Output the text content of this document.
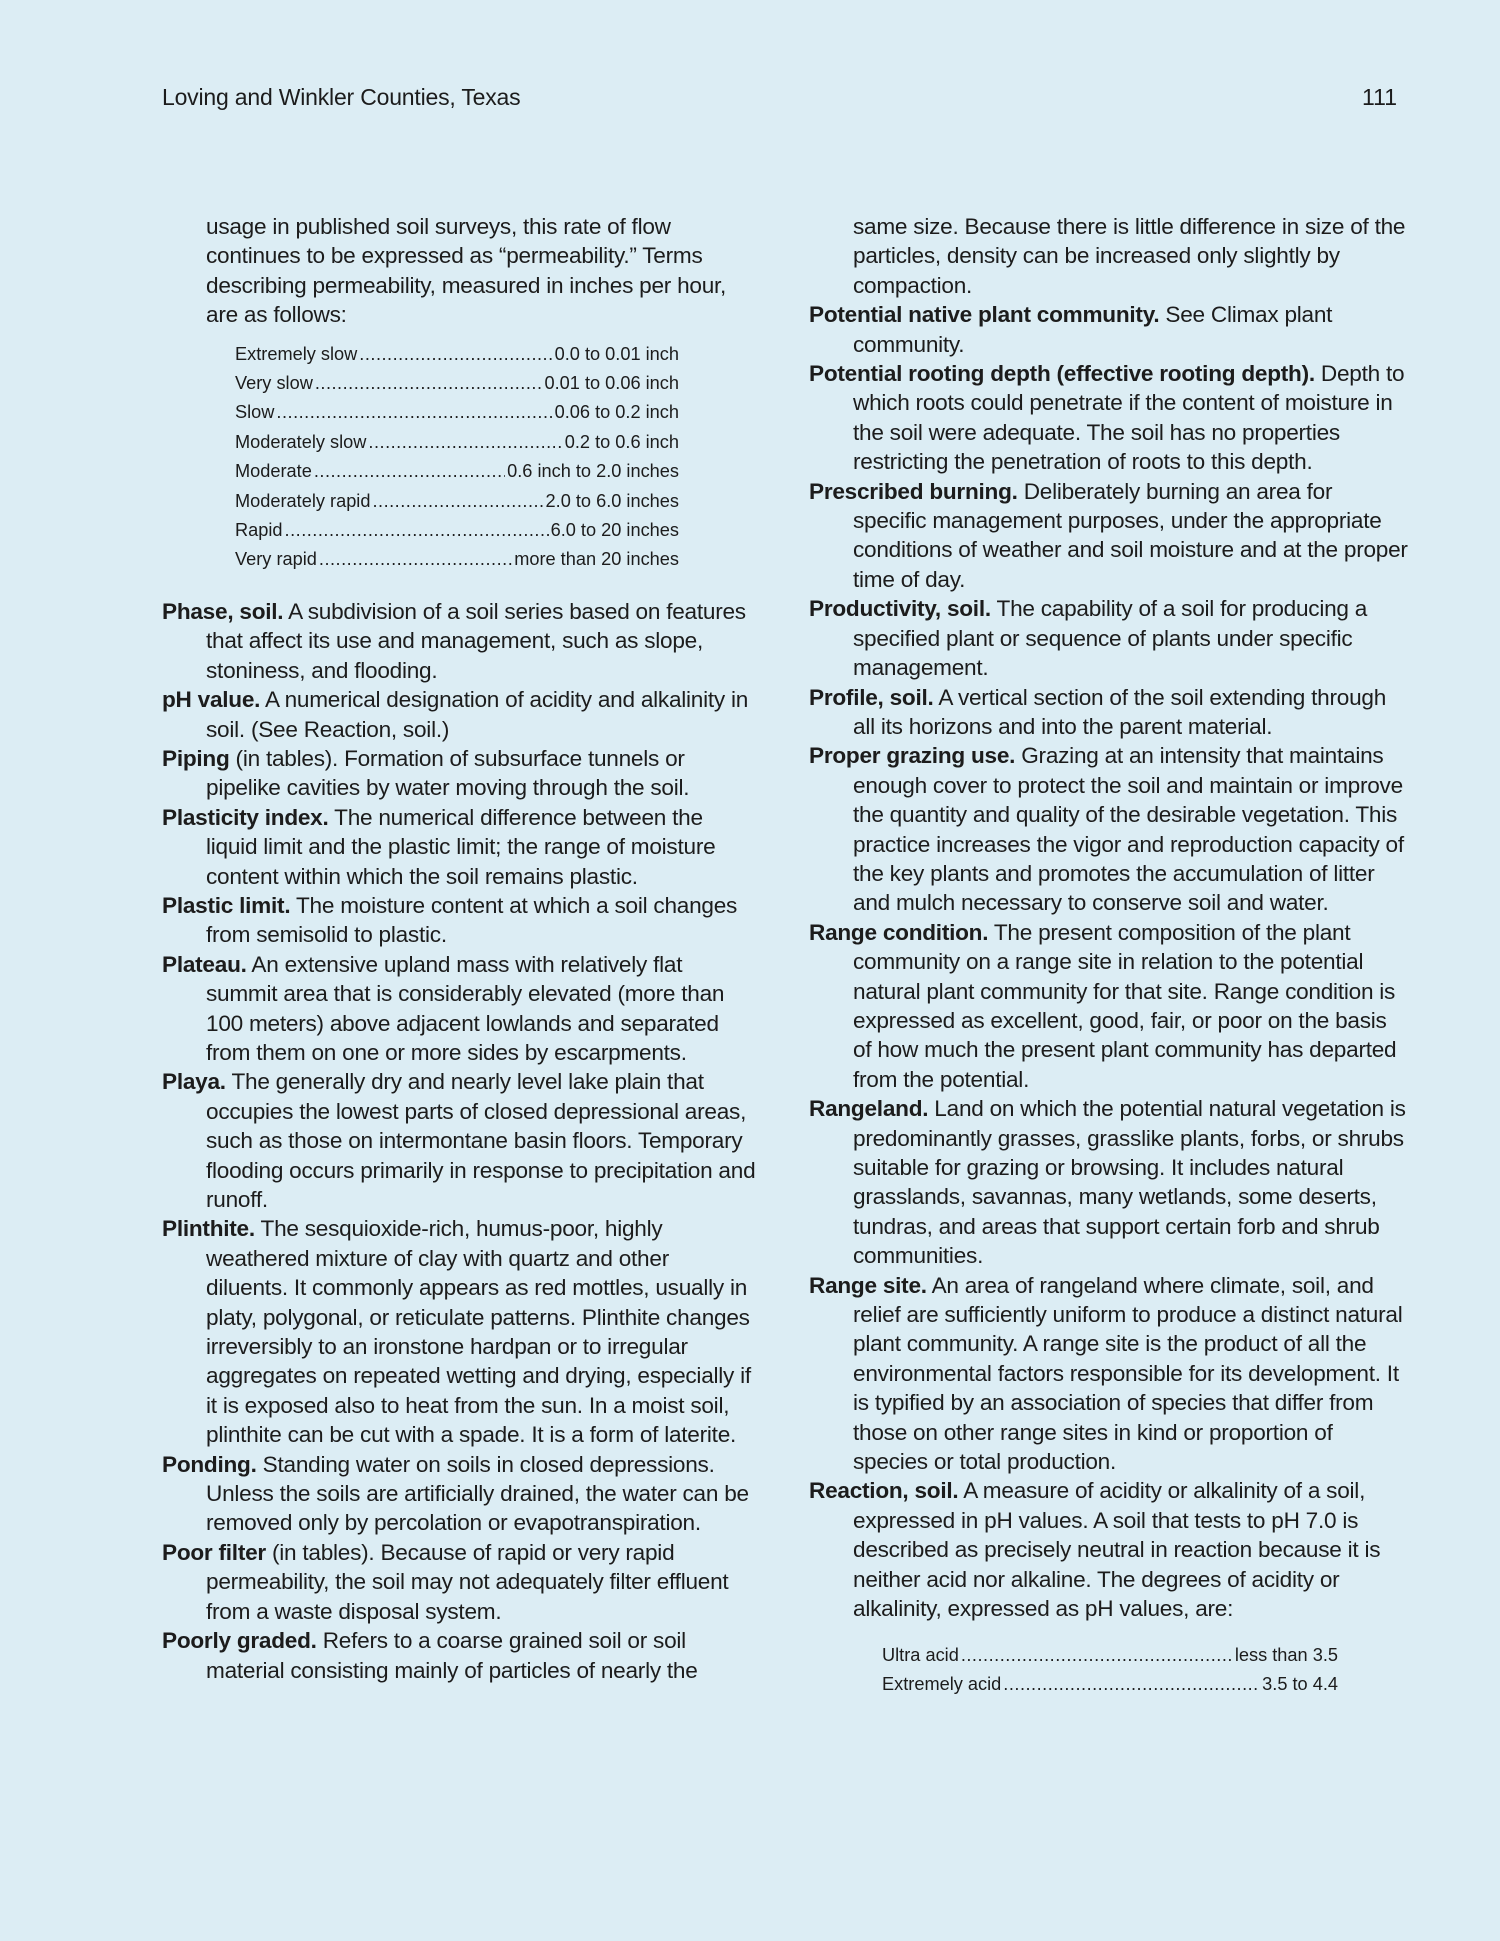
Loving and Winkler Counties, Texas	111

usage in published soil surveys, this rate of flow continues to be expressed as “permeability.” Terms describing permeability, measured in inches per hour, are as follows:

Extremely slow .....	0.0 to 0.01 inch
Very slow .....	0.01 to 0.06 inch
Slow .....	0.06 to 0.2 inch
Moderately slow .....	0.2 to 0.6 inch
Moderate .....	0.6 inch to 2.0 inches
Moderately rapid .....	2.0 to 6.0 inches
Rapid .....	6.0 to 20 inches
Very rapid .....	more than 20 inches

Phase, soil. A subdivision of a soil series based on features that affect its use and management, such as slope, stoniness, and flooding.

pH value. A numerical designation of acidity and alkalinity in soil. (See Reaction, soil.)

Piping (in tables). Formation of subsurface tunnels or pipelike cavities by water moving through the soil.

Plasticity index. The numerical difference between the liquid limit and the plastic limit; the range of moisture content within which the soil remains plastic.

Plastic limit. The moisture content at which a soil changes from semisolid to plastic.

Plateau. An extensive upland mass with relatively flat summit area that is considerably elevated (more than 100 meters) above adjacent lowlands and separated from them on one or more sides by escarpments.

Playa. The generally dry and nearly level lake plain that occupies the lowest parts of closed depressional areas, such as those on intermontane basin floors. Temporary flooding occurs primarily in response to precipitation and runoff.

Plinthite. The sesquioxide-rich, humus-poor, highly weathered mixture of clay with quartz and other diluents. It commonly appears as red mottles, usually in platy, polygonal, or reticulate patterns. Plinthite changes irreversibly to an ironstone hardpan or to irregular aggregates on repeated wetting and drying, especially if it is exposed also to heat from the sun. In a moist soil, plinthite can be cut with a spade. It is a form of laterite.

Ponding. Standing water on soils in closed depressions. Unless the soils are artificially drained, the water can be removed only by percolation or evapotranspiration.

Poor filter (in tables). Because of rapid or very rapid permeability, the soil may not adequately filter effluent from a waste disposal system.

Poorly graded. Refers to a coarse grained soil or soil material consisting mainly of particles of nearly the

same size. Because there is little difference in size of the particles, density can be increased only slightly by compaction.

Potential native plant community. See Climax plant community.

Potential rooting depth (effective rooting depth). Depth to which roots could penetrate if the content of moisture in the soil were adequate. The soil has no properties restricting the penetration of roots to this depth.

Prescribed burning. Deliberately burning an area for specific management purposes, under the appropriate conditions of weather and soil moisture and at the proper time of day.

Productivity, soil. The capability of a soil for producing a specified plant or sequence of plants under specific management.

Profile, soil. A vertical section of the soil extending through all its horizons and into the parent material.

Proper grazing use. Grazing at an intensity that maintains enough cover to protect the soil and maintain or improve the quantity and quality of the desirable vegetation. This practice increases the vigor and reproduction capacity of the key plants and promotes the accumulation of litter and mulch necessary to conserve soil and water.

Range condition. The present composition of the plant community on a range site in relation to the potential natural plant community for that site. Range condition is expressed as excellent, good, fair, or poor on the basis of how much the present plant community has departed from the potential.

Rangeland. Land on which the potential natural vegetation is predominantly grasses, grasslike plants, forbs, or shrubs suitable for grazing or browsing. It includes natural grasslands, savannas, many wetlands, some deserts, tundras, and areas that support certain forb and shrub communities.

Range site. An area of rangeland where climate, soil, and relief are sufficiently uniform to produce a distinct natural plant community. A range site is the product of all the environmental factors responsible for its development. It is typified by an association of species that differ from those on other range sites in kind or proportion of species or total production.

Reaction, soil. A measure of acidity or alkalinity of a soil, expressed in pH values. A soil that tests to pH 7.0 is described as precisely neutral in reaction because it is neither acid nor alkaline. The degrees of acidity or alkalinity, expressed as pH values, are:

Ultra acid .....	less than 3.5
Extremely acid .....	3.5 to 4.4
